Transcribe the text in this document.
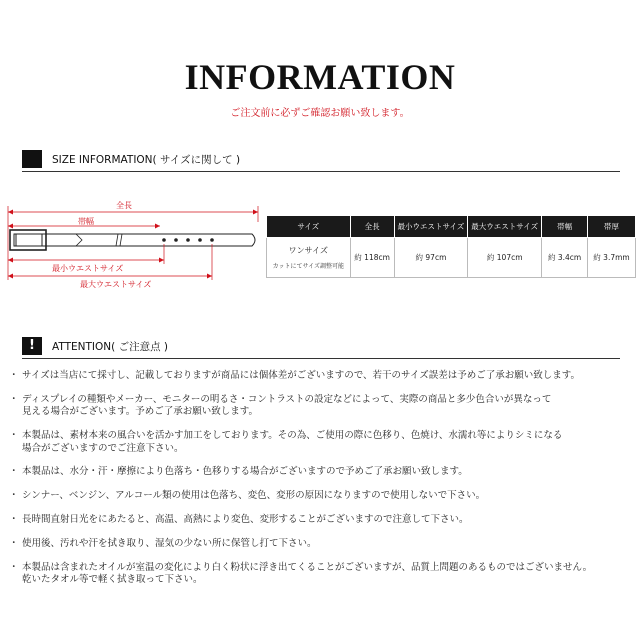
INFORMATION
ご注文前に必ずご確認お願い致します。
SIZE INFORMATION( サイズに関して )
全長
帯幅
最小ウエストサイズ
最大ウエストサイズ
サイズ	全長	最小ウエストサイズ	最大ウエストサイズ	帯幅	帯厚

ワンサイズ
カットにてサイズ調整可能	約 118cm	約 97cm	約 107cm	約 3.4cm	約 3.7mm
!	ATTENTION( ご注意点 )
・ サイズは当店にて採寸し、記載しておりますが商品には個体差がございますので、若干のサイズ誤差は予めご了承お願い致します。
・ ディスプレイの種類やメーカー、モニターの明るさ・コントラストの設定などによって、実際の商品と多少色合いが異なって
見える場合がございます。予めご了承お願い致します。
・ 本製品は、素材本来の風合いを活かす加工をしております。その為、ご使用の際に色移り、色焼け、水濡れ等によりシミになる
場合がございますのでご注意下さい。
・ 本製品は、水分・汗・摩擦により色落ち・色移りする場合がございますので予めご了承お願い致します。
・ シンナー、ベンジン、アルコール類の使用は色落ち、変色、変形の原因になりますので使用しないで下さい。
・ 長時間直射日光をにあたると、高温、高熱により変色、変形することがございますので注意して下さい。
・ 使用後、汚れや汗を拭き取り、湿気の少ない所に保管し打て下さい。
・ 本製品は含まれたオイルが室温の変化により白く粉状に浮き出てくることがございますが、品質上問題のあるものではございません。
乾いたタオル等で軽く拭き取って下さい。
